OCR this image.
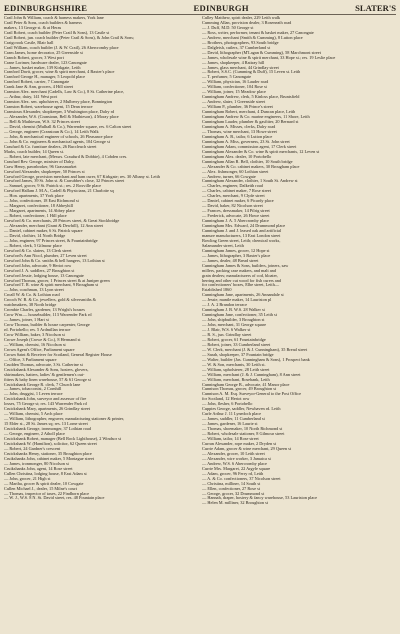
EDINBURGHSHIRE	EDINBURGH	SLATER'S
Crail John & William, coach & harness makers, York lane
Crail Peter & Sons, coach builders & harness
makers, 13 George st. & at Heras
Crail Robert, coach builder (Peter Crail & Sons), 13 Castle st
Crail Robert, jun. coach builder (Peter Crail & Sons), & John Crail & Sons;
Craigcrook Castle, Blair hall
Crail William, coach builder (J. & W. Crail), 26 Abercromby place
Cram James, home decorator, 25 Greenside st
Cranch Robert, grocer, 3 West port
Crane Lorimer, hardware dealer, 123 Canongate
— James, basket maker, 139 Kirkgate, Leith
Cranford Davit, grocer, wine & spirit merchant, 4 Baxter's place
Cranford George H., manager, 5 Leopold place
Cranford Robert, carrier, 7 Canongate
Crank Jane & Ann, grocers, 4 Hill street
Cranston Alex. merchant (Cadells, Law & Co.), 8 St. Catherine place,
— Arthur, dairy, 141 West port
Cranston Alex. sen. upholsterer, 2 Mulberry place, Bonnington
Cranston Robert, warehouse agent, 15 Dean terrace
Cranstoun Alexander, shopkeeper, 3 Washington place, Dalry rd
— Alexander, W.S. (Cranstoun, Bell & Mathieson), 4 Moray place
— Bell & Mathieson, W.S. 32 Princes street
— David, chemist (Mulhall & Co.), Warrender square, res. 6 Calton street
— George, engineer (Cranstoun & Co.), 14 Leith Walk
— John, & mechanical engineer of schools, 26 Pleasance place
— John & Co. engineers & mechanical agents, 104 George st
Craufurd & Co. furniture dealers, 26 Buccleuch street
Marks, coach builder, 14 Queen st.
— Robert, late merchant, (Messrs. Craufurd & Dobbie), 4 Cobden cres.
Craufurd Rev. George, minister of Dalry,
Craw Henry, pawnbroker, 96 Grassmarket
Crawford Alexander, shopkeeper, 50 Princes st
Crawford George, provision merchant and ham curer, 67 Kirkgate; res. 30 Albany st. Leith
Crawford James, 39 St. John st. & Carrubber's close, 32 Princes street
— Samuel, grocer, 9 St. Patrick st.; res. 2 Roxville place
Crawford Hallam J. M.A., Cadell & Physicians, 21 Charlotte sq
— Hon. apartments, 37 York place
— John, confectioner, 18 East Richmond st
— Margaret, confectioner, 18 Abbeyhill
— Margaret, apartments, 14 Abbey place
— Robert, confectioner, 1 Hill place
Crawford & Co. merchants, 28 Princes street, & Great Stockbridge
— Alexander, merchant (Grant & Dewhill), 12 Ann street
— Daniel, cabinet maker, 6 St. Patrick square
— David, clothier, 14 North Bridge
— John, engineer, 97 Princes street, & Fountainbridge
— Robert, clerk, 5 Gilmour place
Crawford & Co. slaters, 13 Clerk street
Crawford's Ann Nicol, plumber, 27 Leven street
Crawford John & Co. smiths & bell hangers, 13 Lothian st
Crawford John, advocate, 9 Heriot row
Crawford J. A. saddlers, 27 Broughton st
Crawford Jessie, lodging house, 13 Canongate
Crawford Thomas, grocer, 1 Princes street & at Juniper green
Crawford T. R. wine & spirit merchant, 9 Brougham st
— John, coachman, 13 Lyon street
Croall W. & Co. & Lothian road
Crooch W. B. & Co. jewellers, gold & silversmiths &
watchmakers, 38 North bridge
Crombie Charles, gardener, 13 Wright's houses
Crow Wm.— housebuilder, 113 Warrender Park rd
— James, joiner, 1 Hart st
Crow Thomas, builder & house carpenter, George
rd. Portobello; res. 5 Ardmillan terrace
Crow William, baker, 3 Nicolson st
Crowe Joseph (Crowe & Co.), 8 Hermand st
— William, chemist, 16 Nicolson st
Crown Agent's Office, Parliament square
Crown Saint & Receiver for Scotland, General Register House
— Office, 3 Parliament square
Crudden Thomas, advocate, 3 St. Catherine st
Cruickshank Alexander & Sons, hosiers, glovers,
shirtmakers, hatters, ladies' & gentlemen's out-
fitters & baby linen warehouse, 57 & 61 George st
Cruickshank George R. clerk, 7 Church lane
— James, tobacconist, 2 Cornhill
— John, druggist, 1 Leven terrace
Cruickshank John, surveyor and assessor of fire
losses, 75 George st; res. 143 Warrender Park rd
Cruickshank Mary, apartments, 26 Grindlay street
— William, chemist, 5 Arch place
— William, lithographer, engraver, manufacturing stationer & printer,
15 Elder st., 28 St. James sq; res. 13 Lorne street
Cruickshank George, ironmonger, 37 Lothian road
— George, engineer, 2 Atholl place
Cruickshank Robert, manager (Bell Rock Lighthouse), 2 Windsor st
Cruickshank W. (Hamilton), solicitor, 62 Queen street
— Robert, 24 Gardner's crescent
Cruickshanks Henry, stationer, 35 Broughton place
Cruikshanks John, cabinet maker, 5 Montague street
— James, ironmonger, 80 Nicolson st
Cruikshanks John, agent, 14 Rose street
Cullen Christina, lodging house, 8 East Adam st
— John, grocer, 21 High st
— Martha, grocer & spirit dealer, 10 Cowgate
Cullen Michael J., dealer, 15 Milne's court
— Thomas, inspector of taxes, 22 Findhorn place
— W. J., W.S. 8 N. St. David street, res. 48 Fountain place
Culley Matthew, spirit dealer, 229 Leith walk
Cumming Allan, provision dealer, 3 Roseneath road
— J. Duff, M.D. 50 George st
— Ross, writer, performer, tenant & basket maker, 27 Canongate
— Andrew, merchant (Smith & Cumming), 8 Lutton place
— Brothers, photographers, 93 South bridge
— Dalgleish, cutlers, 37 Cumberland st
— David, lithographer (M'Lagan & Cumming), 58 Marchmont street
— James, wholesale wine & spirit merchant, 33 Hope st.; res. 19 Leslie place
— James, shopkeeper, 4 Rattray hill
— James, glass merchant, 44 Grindlay street
— Robert, S.S.C. (Cumming & Duff), 15 Leven st. Leith
— T. perfumer, 5 Canongate
— William, physician, 16 Lauder road
— William, confectioner, 104 Rose st
— William, joiner, 15 Meadow place
Cunningham Andrew, clerk, 5 Kinloss place, Bruntsfield
— Andrew, slater, 1 Greenside street
— William P., plumber, 36 Prince's street
Cunningham Robert, merchant, 4 Duncan place, Leith
Cunningham Andrew & Co. marine engineers, 11 Shore, Leith
Cunningham Lauder, plumber & gasfitter, 20 Bernard st
Cunningham A. Misses, clerks, Dalry road
— Thomas, wine merchant, 13 Howe street
Cunningham A. B., tailor, 6 Lutton place
Cunningham A. Miss, governess, 23 St. John street
Cunningham Adam, commission agent, 17 Clerk street
Cunningham Alexander & Co. wine & spirit merchants, 12 Leven st
Cunningham Alex. dealer, 10 Portobello
Cunningham Allan R. Bell, clothier, 10 South bridge
— Alexander & Co. cabinet makers, 30 Brougham place
— Alex. fishmonger, 60 Lothian street
— Andrew, turner, 66 Cowgate
Cunningham Alexander, clothier, 1 South St. Andrew st
— Charles, engineer, Dalkeith road
— Charles, cabinet maker, 7 Rose street
— Charles, merchant, 9 Clyde street
— Daniel, cabinet maker, 6 Picardy place
— David, baker, 82 Nicolson street
— Frances, dressmaker, 14 Pilrig street
— Frederick, advocate, 26 Howe street
Cunningham J. A. 5 Abercromby place
Cunningham Mrs. Edward, 24 Drummond place
Cunningham J. and J. leased oak and artificial
manure manufacturers, 13 East London street
Bowling Green street, Leith; chemical works,
Salamander street, Leith
Cunningham James, grocer, 12 Hope st
— James, lithographer, 3 Baxter's place
— James, dealer, 48 Bread street
Cunningham James & Sons, builders, joiners, saw
millers, packing case makers, and malt and
grain dealers; manufacturers of cod, bloater,
herring and other cut wood for fish curers and
for confectioners' boxes, Elbe street, Leith—
Established 1860
Cunningham Jane, apartments, 26 Annandale st
— Jessie, mantle maker, 14 Lauriston pl
— J. A. 2 Brandon terrace
Cunningham J. B. W.S. 28 Walker st
Cunningham Jane, confectioner, 35 Leith st
— John, shipbuilder, 3 Broughton st
— John, merchant, 31 George square
— J. Blair, W.S. 6 Walker st
— R. S., jun. Grindlay street
— Robert, grocer, 61 Fountainbridge
— Robert, joiner, 33 Cumberland street
— W. Clerk, merchant (J. & J. Cunningham), 35 Bread street
— Sarah, shopkeeper, 37 Fountain bridge
— Walter, builder (Jas. Cunningham & Sons), 1 Prospect bank
— W. & Son, merchants, 30 Leith st.
— William, upholsterer, 28 Leith street
— William, merchant (J. & J. Cunningham), 8 Ann street
— William, merchant, Rosebank, Leith
Cunningham George B., advocate, 41 Manor place
Cunnison Thomas, grocer, 49 Broughton st
Cunnison A. M. Esq. Surveyor-General to the Post Office
for Scotland, 12 Heriot row
— John, flesher, 6 Portobello
Cuppies George, saddler, Newhaven rd. Leith
Curle Arthur J. 11 Lynedoch place
— James, saddler, 11 Cumberland st
— James, gardener, 16 Laurie st
— Thomas, shoemaker, 10 North Richmond st
— Robert, wholesale stationer, 8 Gilmour street
— William, tailor, 14 Rose street
Curran Alexander, rope maker, 2 Dryden st
Currie Adam, grocer & wine merchant, 29 Queen st
— Alexander, grocer, 10 Leith street
— Alexander, wire worker, 3 Jamaica st
— Andrew, W.S. 6 Abercromby place
Currie Mrs. Margaret, 22 Argyle square
— Adam, grocer, 96 Ferry rd, Leith
— A. & Co. confectioners, 37 Nicolson street
— Christina, milliner, 14 South st
— Ellen, confectioner, 27 Rose st
— George, grocer, 32 Drummond st
— Hannah, draper, hosiery & fancy warehouse, 53 Lauriston place
— Helen M. milliner, 32 Broughton st
